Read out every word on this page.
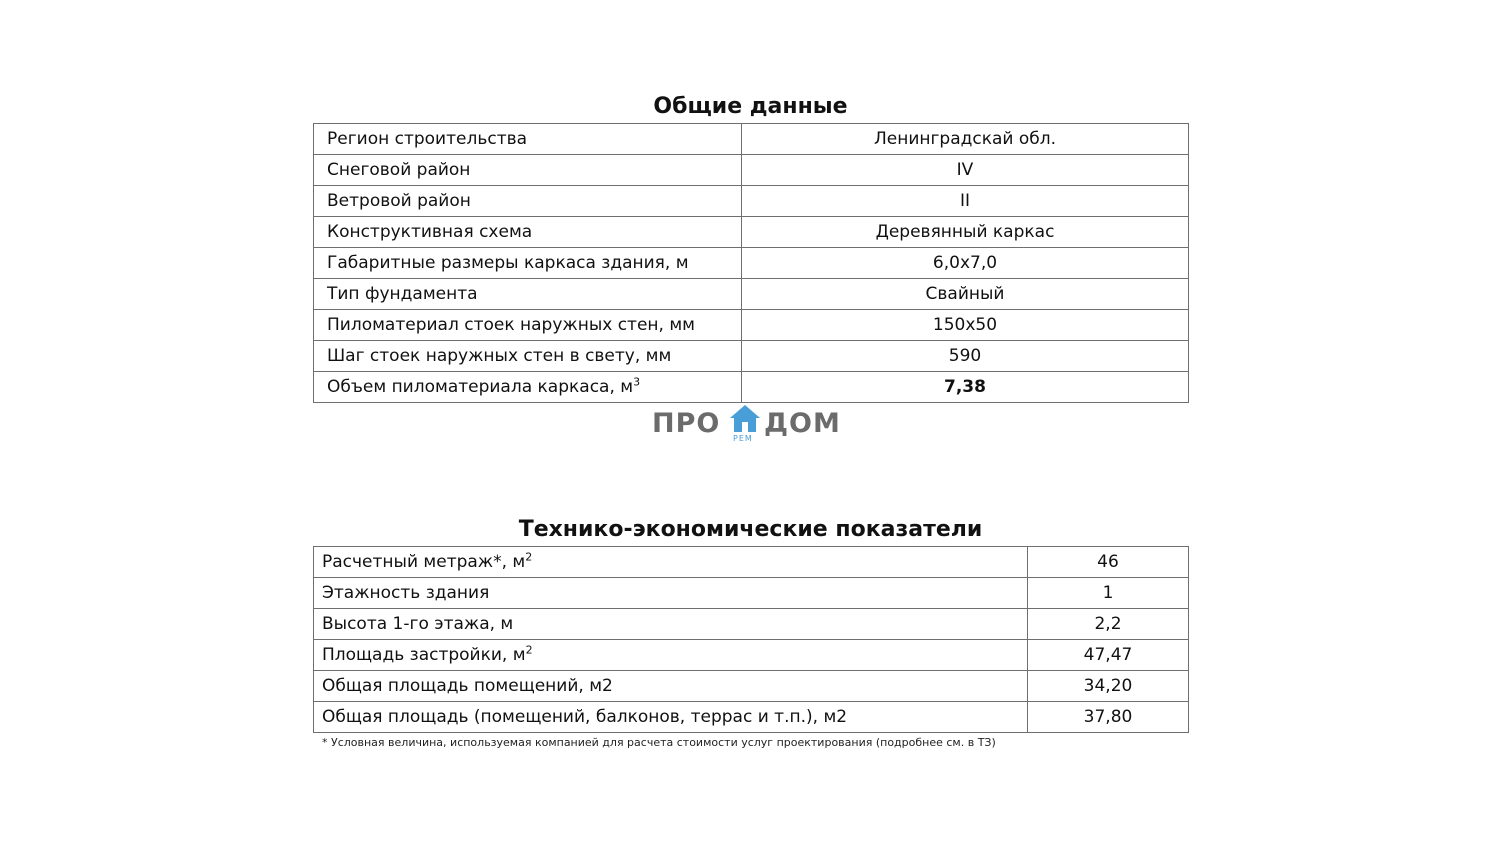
Общие данные
Регион строительства	Ленинградскай обл.
Снеговой район	IV
Ветровой район	II
Конструктивная схема	Деревянный каркас
Габаритные размеры каркаса здания, м	6,0х7,0
Тип фундамента	Свайный
Пиломатериал стоек наружных стен, мм	150х50
Шаг стоек наружных стен в свету, мм	590
Объем пиломатериала каркаса, $м^3$	7,38
ПРО РЕМ ДОМ
Технико-экономические показатели
Расчетный метраж*, $м^2$	46
Этажность здания	1
Высота 1-го этажа, м	2,2
Площадь застройки, $м^2$	47,47
Общая площадь помещений, м2	34,20
Общая площадь (помещений, балконов, террас и т.п.), м2	37,80

* Условная величина, используемая компанией для расчета стоимости услуг проектирования (подробнее см. в ТЗ)
